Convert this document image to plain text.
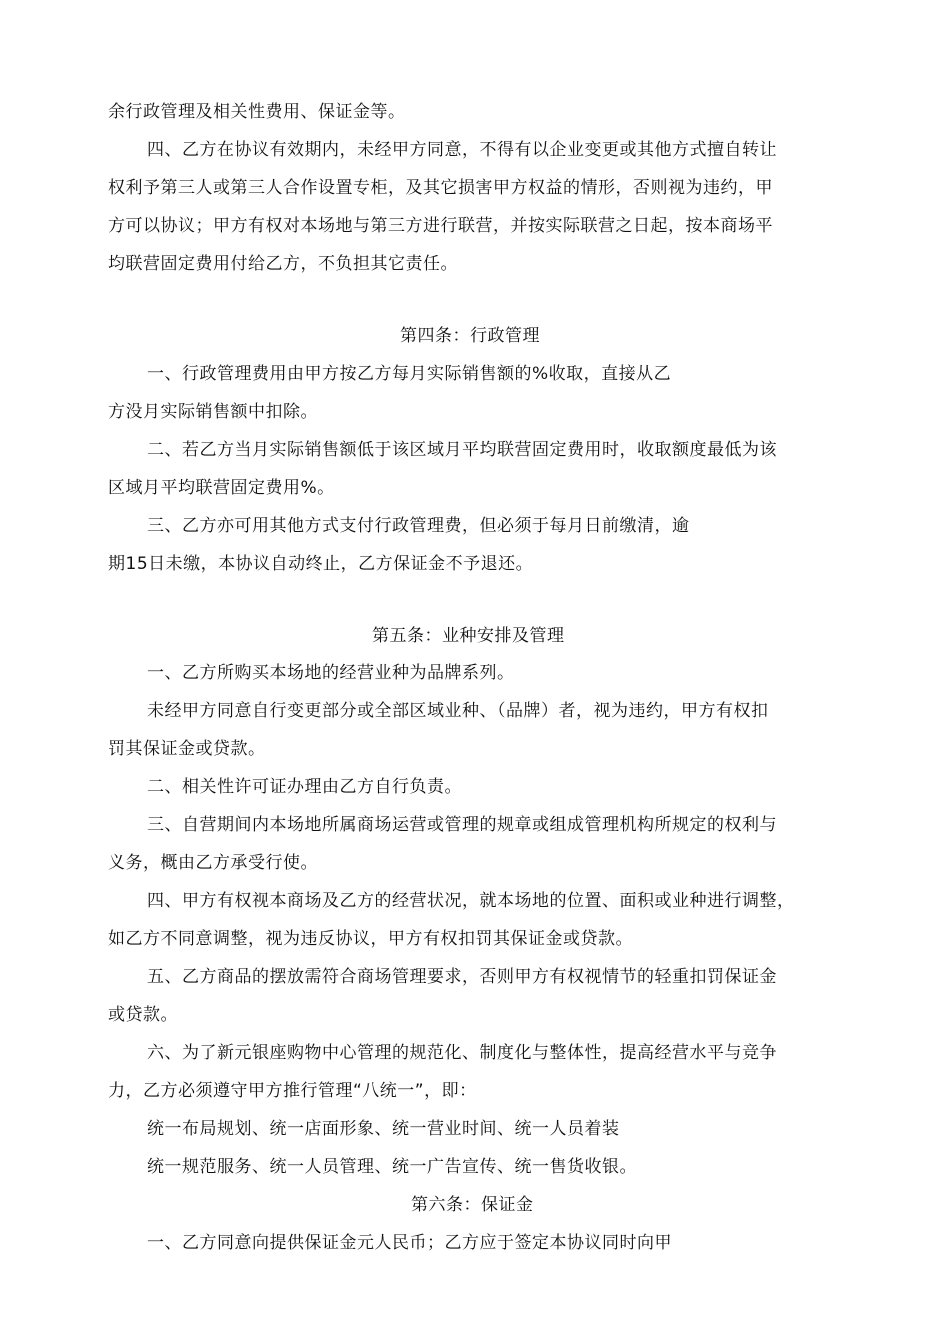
余行政管理及相关性费用、保证金等。
四、乙方在协议有效期内，未经甲方同意，不得有以企业变更或其他方式擅自转让
权利予第三人或第三人合作设置专柜，及其它损害甲方权益的情形，否则视为违约，甲
方可以协议；甲方有权对本场地与第三方进行联营，并按实际联营之日起，按本商场平
均联营固定费用付给乙方，不负担其它责任。
第四条：行政管理
一、行政管理费用由甲方按乙方每月实际销售额的%收取，直接从乙
方没月实际销售额中扣除。
二、若乙方当月实际销售额低于该区域月平均联营固定费用时，收取额度最低为该
区域月平均联营固定费用%。
三、乙方亦可用其他方式支付行政管理费，但必须于每月日前缴清，逾
期15日未缴，本协议自动终止，乙方保证金不予退还。
第五条：业种安排及管理
一、乙方所购买本场地的经营业种为品牌系列。
未经甲方同意自行变更部分或全部区域业种、（品牌）者，视为违约，甲方有权扣
罚其保证金或贷款。
二、相关性许可证办理由乙方自行负责。
三、自营期间内本场地所属商场运营或管理的规章或组成管理机构所规定的权利与
义务，概由乙方承受行使。
四、甲方有权视本商场及乙方的经营状况，就本场地的位置、面积或业种进行调整，
如乙方不同意调整，视为违反协议，甲方有权扣罚其保证金或贷款。
五、乙方商品的摆放需符合商场管理要求，否则甲方有权视情节的轻重扣罚保证金
或贷款。
六、为了新元银座购物中心管理的规范化、制度化与整体性，提高经营水平与竞争
力，乙方必须遵守甲方推行管理“八统一”，即：
统一布局规划、统一店面形象、统一营业时间、统一人员着装
统一规范服务、统一人员管理、统一广告宣传、统一售货收银。
第六条：保证金
一、乙方同意向提供保证金元人民币；乙方应于签定本协议同时向甲
